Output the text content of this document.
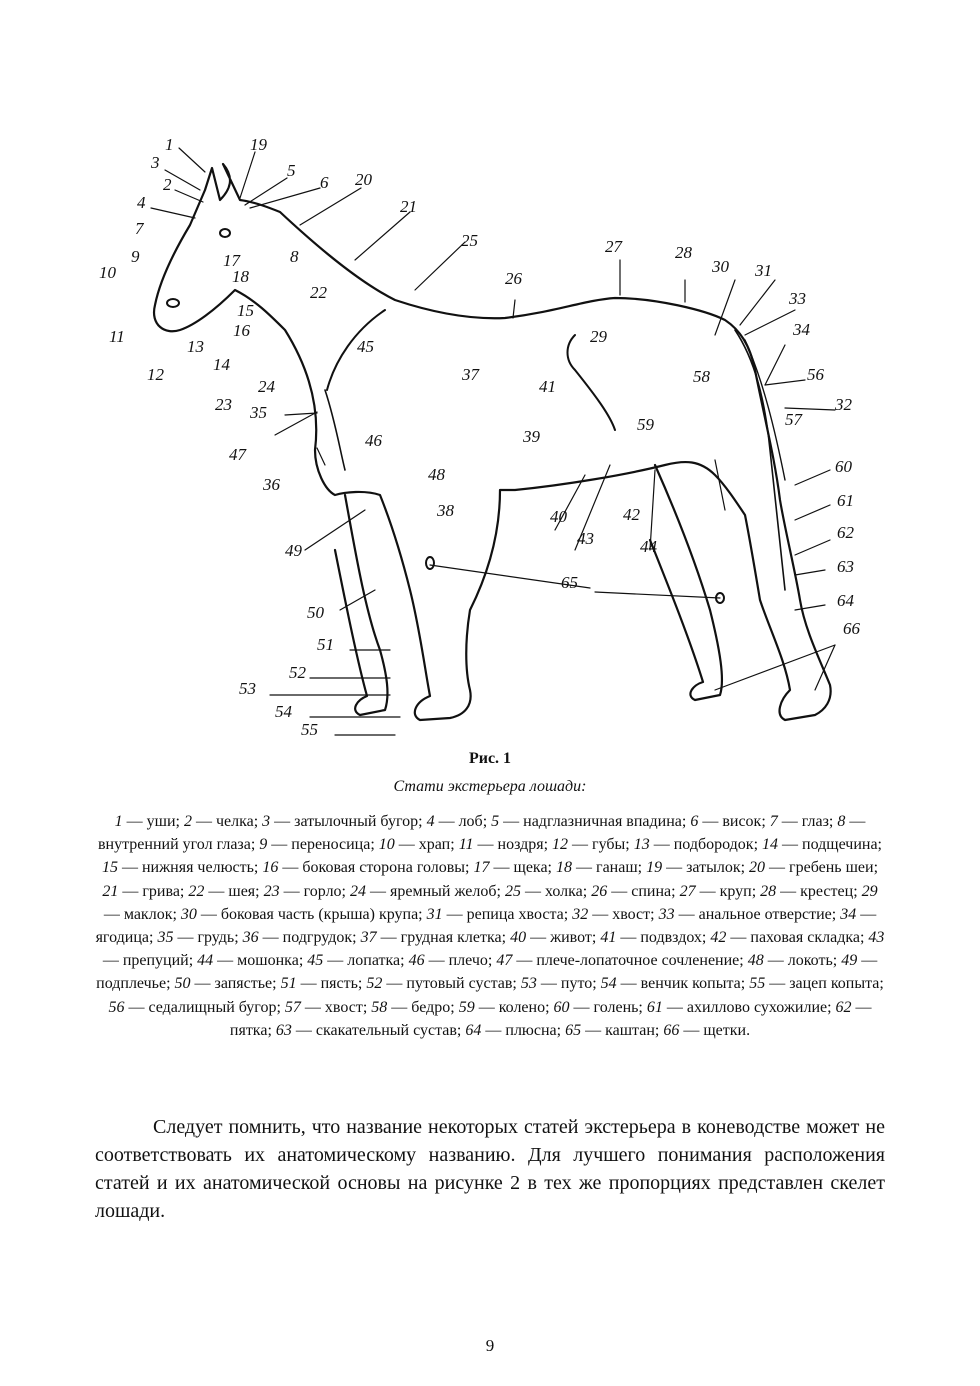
1
2
3
4
5
6
7
8
9
10
11
12
13
14
15
16
17
18
19
20
21
22
23
24
25
26
27	28
29
30 31
32
33
34
35
36
37
38
39
40
41
42
43	44
45
46
47
48
49
50
51
52
53
54
55
56
57
58
59
60
61
62
63
64
65
66
Рис. 1
Стати экстерьера лошади:
1 — уши; 2 — челка; 3 — затылочный бугор; 4 — лоб; 5 — надглазничная впадина; 6 — висок; 7 — глаз; 8 — внутренний угол глаза; 9 — переносица; 10 — храп; 11 — ноздря; 12 — губы; 13 — подбородок; 14 — подщечина; 15 — нижняя челюсть; 16 — боковая сторона головы; 17 — щека; 18 — ганаш; 19 — затылок; 20 — гребень шеи; 21 — грива; 22 — шея; 23 — горло; 24 — яремный желоб; 25 — холка; 26 — спина; 27 — круп; 28 — крестец; 29 — маклок; 30 — боковая часть (крыша) крупа; 31 — репица хвоста; 32 — хвост; 33 — анальное отверстие; 34 — ягодица; 35 — грудь; 36 — подгрудок; 37 — грудная клетка; 40 — живот; 41 — подвздох; 42 — паховая складка; 43 — препуций; 44 — мошонка; 45 — лопатка; 46 — плечо; 47 — плече-лопаточное сочленение; 48 — локоть; 49 — подплечье; 50 — запястье; 51 — пясть; 52 — путовый сустав; 53 — путо; 54 — венчик копыта; 55 — зацеп копыта; 56 — седалищный бугор; 57 — хвост; 58 — бедро; 59 — колено; 60 — голень; 61 — ахиллово сухожилие; 62 — пятка; 63 — скакательный сустав; 64 — плюсна; 65 — каштан; 66 — щетки.
Следует помнить, что название некоторых статей экстерьера в коневодстве может не соответствовать их анатомическому названию. Для лучшего понимания расположения статей и их анатомической основы на рисунке 2 в тех же пропорциях представлен скелет лошади.
9
